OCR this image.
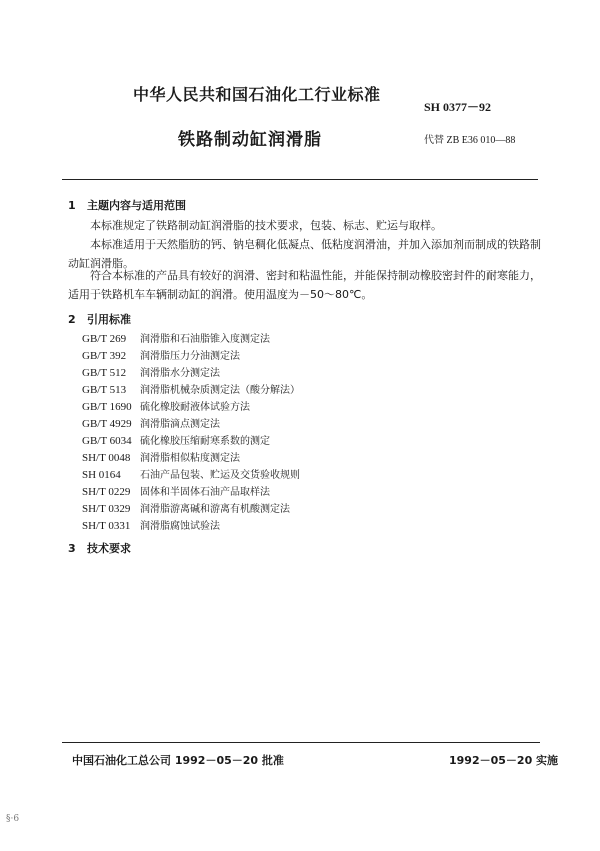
中华人民共和国石油化工行业标准
SH 0377－92
铁路制动缸润滑脂	代替 ZB E36 010—88
1 主题内容与适用范围
本标准规定了铁路制动缸润滑脂的技术要求，包装、标志、贮运与取样。
本标准适用于天然脂肪的钙、钠皂稠化低凝点、低粘度润滑油，并加入添加剂而制成的铁路制动缸润滑脂。
符合本标准的产品具有较好的润滑、密封和粘温性能，并能保持制动橡胶密封件的耐寒能力，适用于铁路机车车辆制动缸的润滑。使用温度为－50～80℃。
2 引用标准
GB/T 269 润滑脂和石油脂锥入度测定法
GB/T 392 润滑脂压力分油测定法
GB/T 512 润滑脂水分测定法
GB/T 513 润滑脂机械杂质测定法（酸分解法）
GB/T 1690 硫化橡胶耐液体试验方法
GB/T 4929 润滑脂滴点测定法
GB/T 6034 硫化橡胶压缩耐寒系数的测定
SH/T 0048 润滑脂相似粘度测定法
SH 0164 石油产品包装、贮运及交货验收规则
SH/T 0229 固体和半固体石油产品取样法
SH/T 0329 润滑脂游离碱和游离有机酸测定法
SH/T 0331 润滑脂腐蚀试验法
3 技术要求
中国石油化工总公司 1992－05－20 批准	1992－05－20 实施
§·6
